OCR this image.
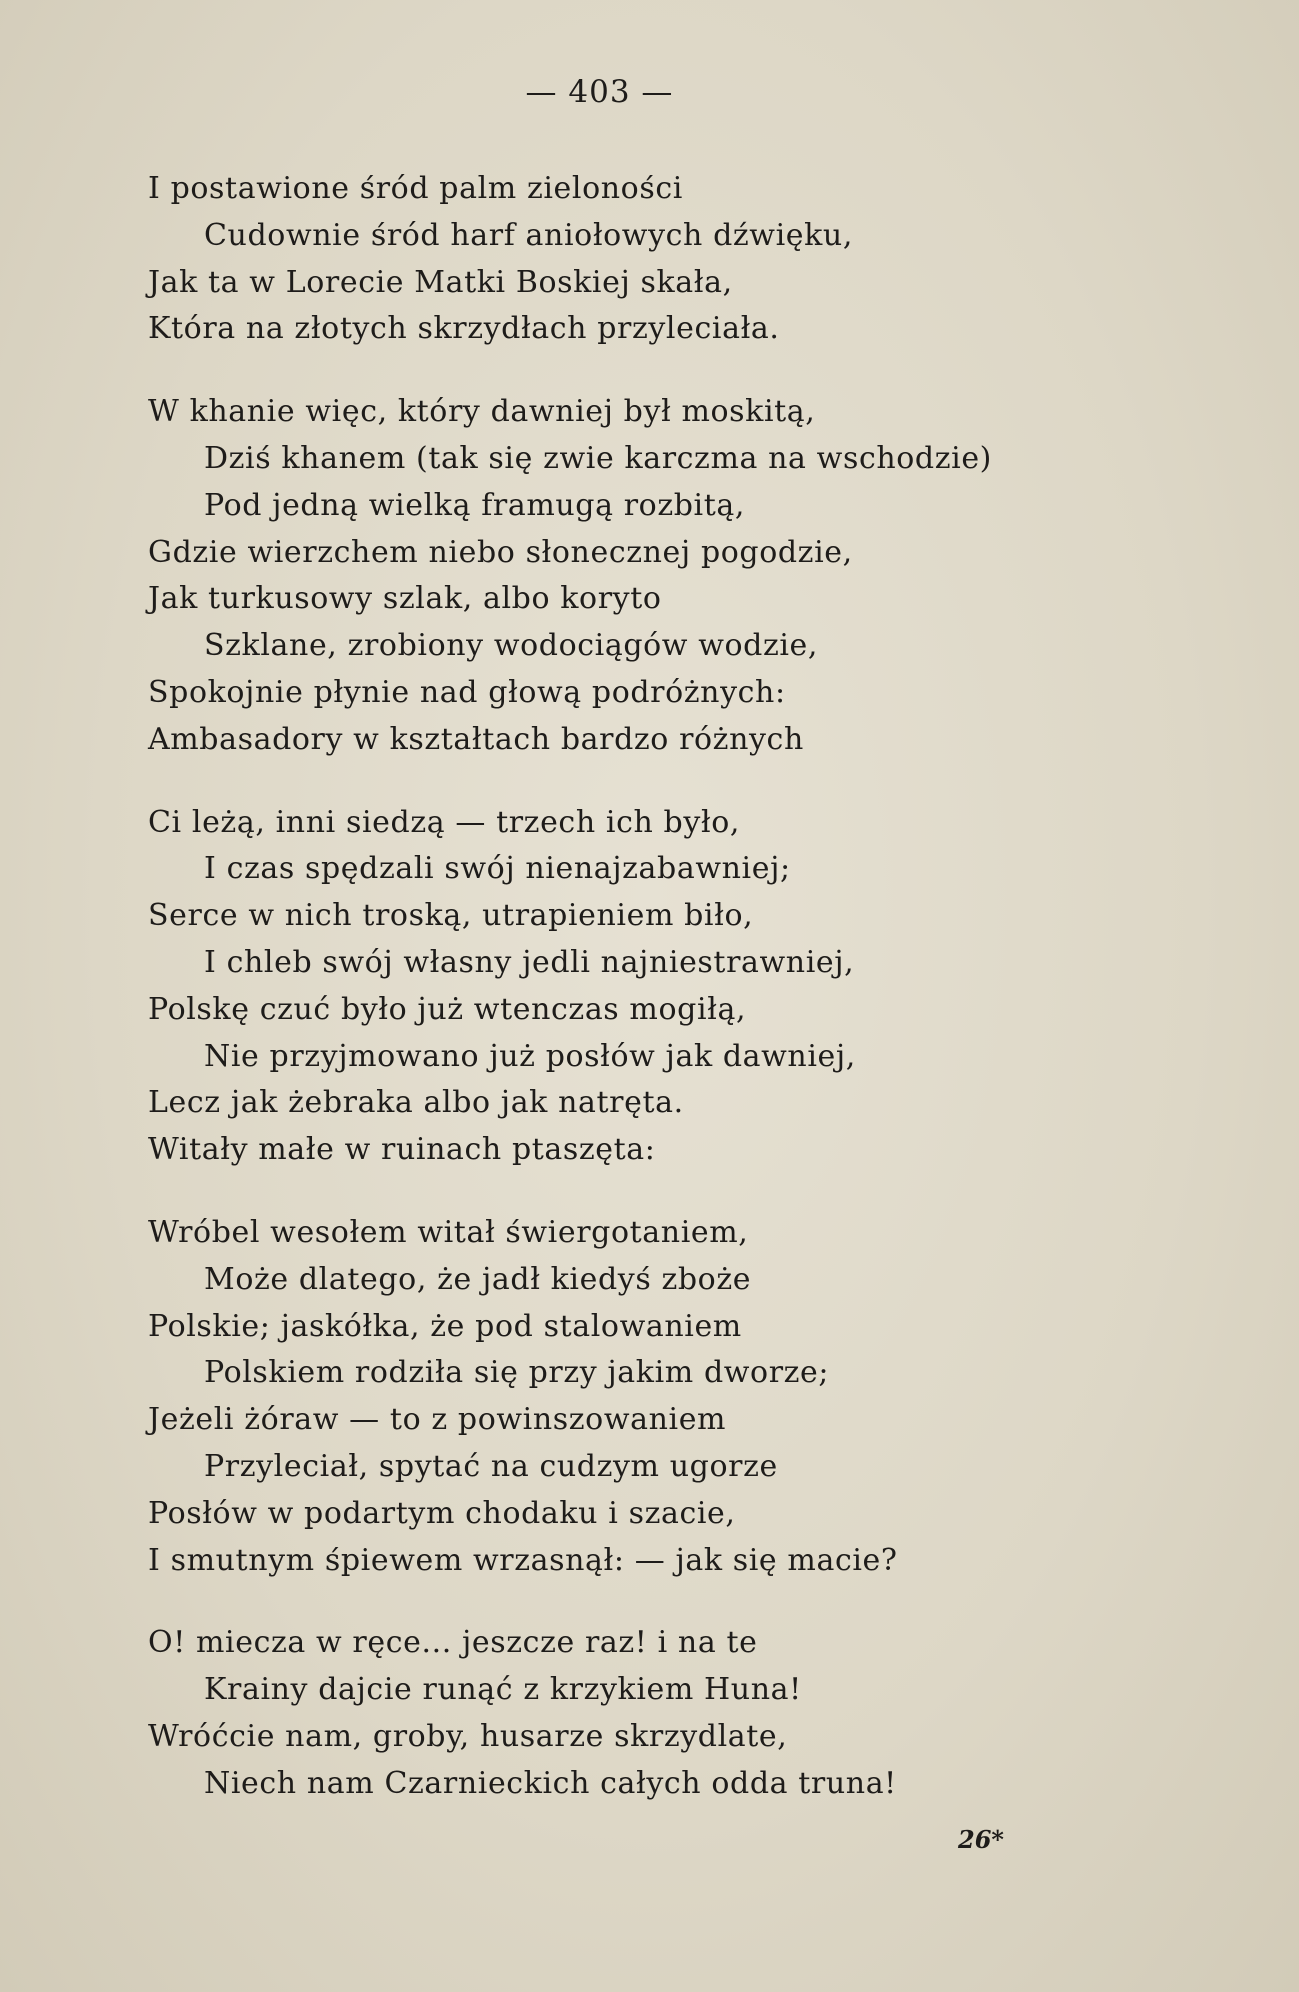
— 403 —
I postawione śród palm zieloności
Cudownie śród harf aniołowych dźwięku,
Jak ta w Lorecie Matki Boskiej skała,
Która na złotych skrzydłach przyleciała.
W khanie więc, który dawniej był moskitą,
Dziś khanem (tak się zwie karczma na wschodzie)
Pod jedną wielką framugą rozbitą,
Gdzie wierzchem niebo słonecznej pogodzie,
Jak turkusowy szlak, albo koryto
Szklane, zrobiony wodociągów wodzie,
Spokojnie płynie nad głową podróżnych:
Ambasadory w kształtach bardzo różnych
Ci leżą, inni siedzą — trzech ich było,
I czas spędzali swój nienajzabawniej;
Serce w nich troską, utrapieniem biło,
I chleb swój własny jedli najniestrawniej,
Polskę czuć było już wtenczas mogiłą,
Nie przyjmowano już posłów jak dawniej,
Lecz jak żebraka albo jak natręta.
Witały małe w ruinach ptaszęta:
Wróbel wesołem witał świergotaniem,
Może dlatego, że jadł kiedyś zboże
Polskie; jaskółka, że pod stalowaniem
Polskiem rodziła się przy jakim dworze;
Jeżeli żóraw — to z powinszowaniem
Przyleciał, spytać na cudzym ugorze
Posłów w podartym chodaku i szacie,
I smutnym śpiewem wrzasnął: — jak się macie?
O! miecza w ręce... jeszcze raz! i na te
Krainy dajcie runąć z krzykiem Huna!
Wróćcie nam, groby, husarze skrzydlate,
Niech nam Czarnieckich całych odda truna!
26*
